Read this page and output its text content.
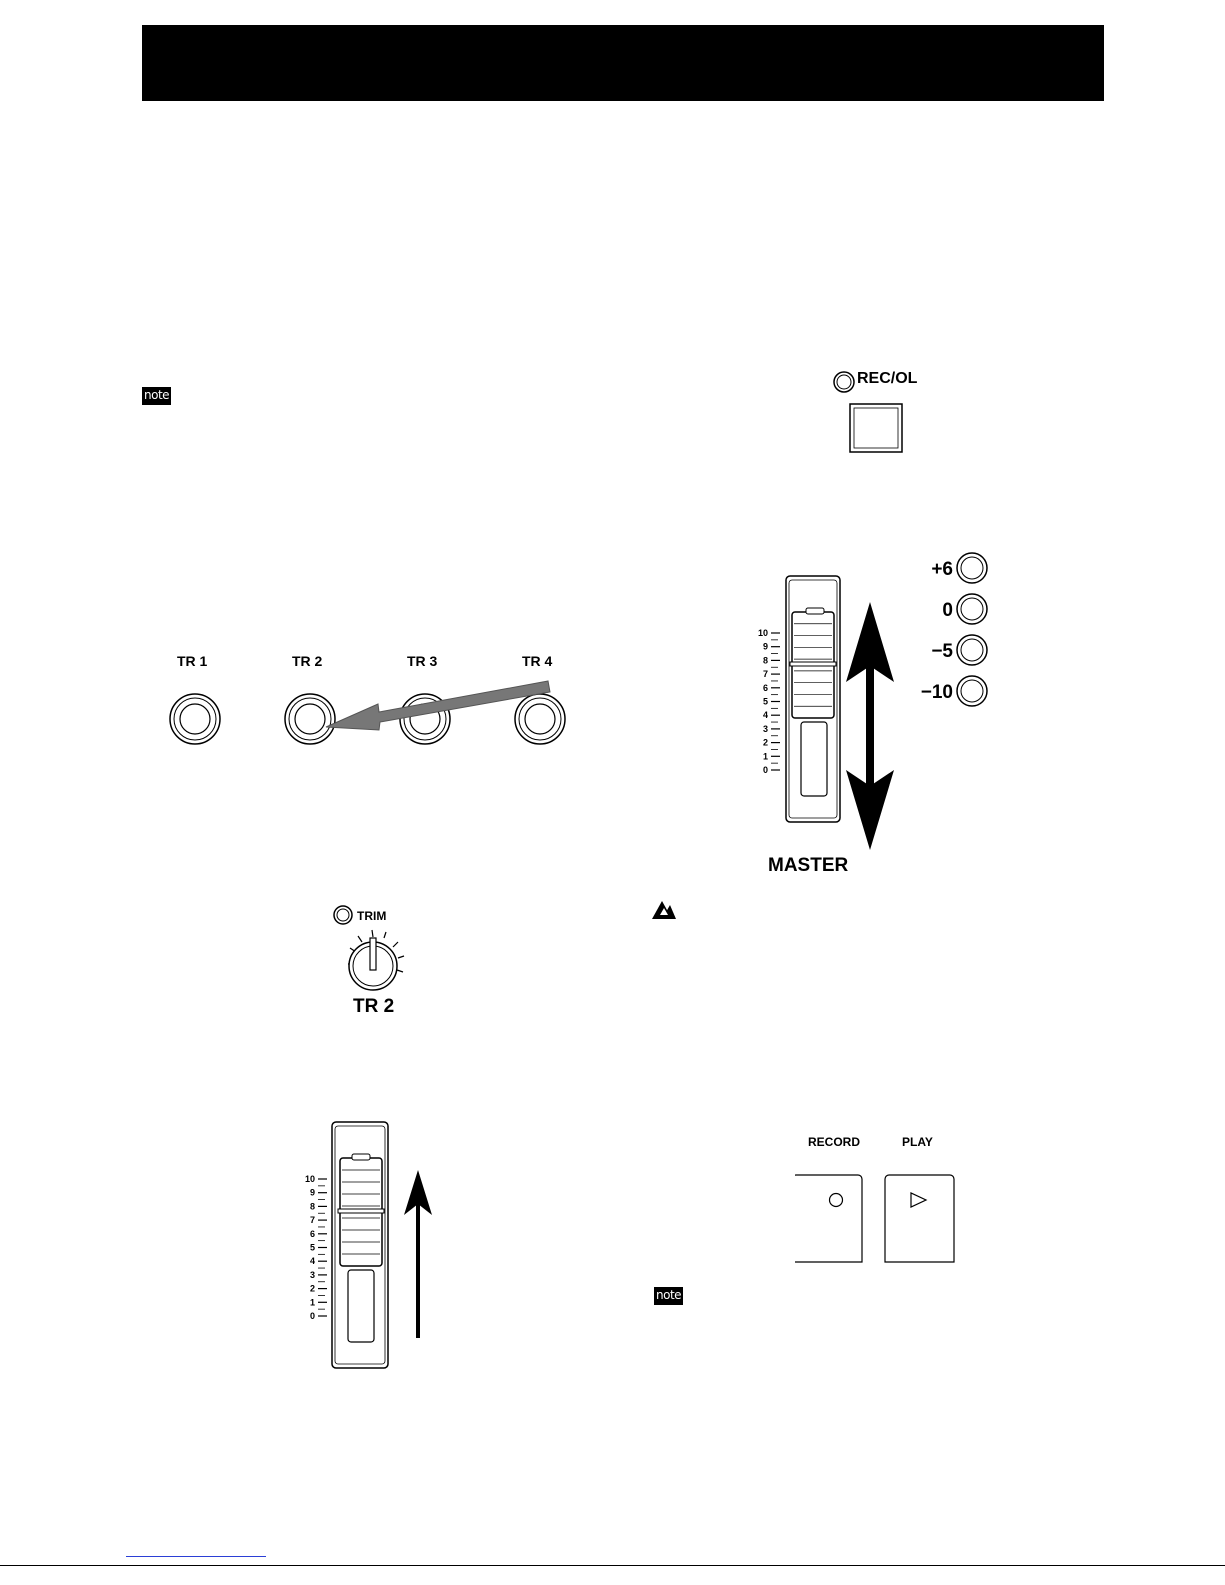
note
REC/OL
TR 1	TR 2	TR 3	TR 4
TRIM
TR 2
10
9
8
7
6
5
4
3
2
1
0
10
9
8
7
6
5
4
3
2
1
0
MASTER
+6
0
−5
−10
RECORD	PLAY
note
